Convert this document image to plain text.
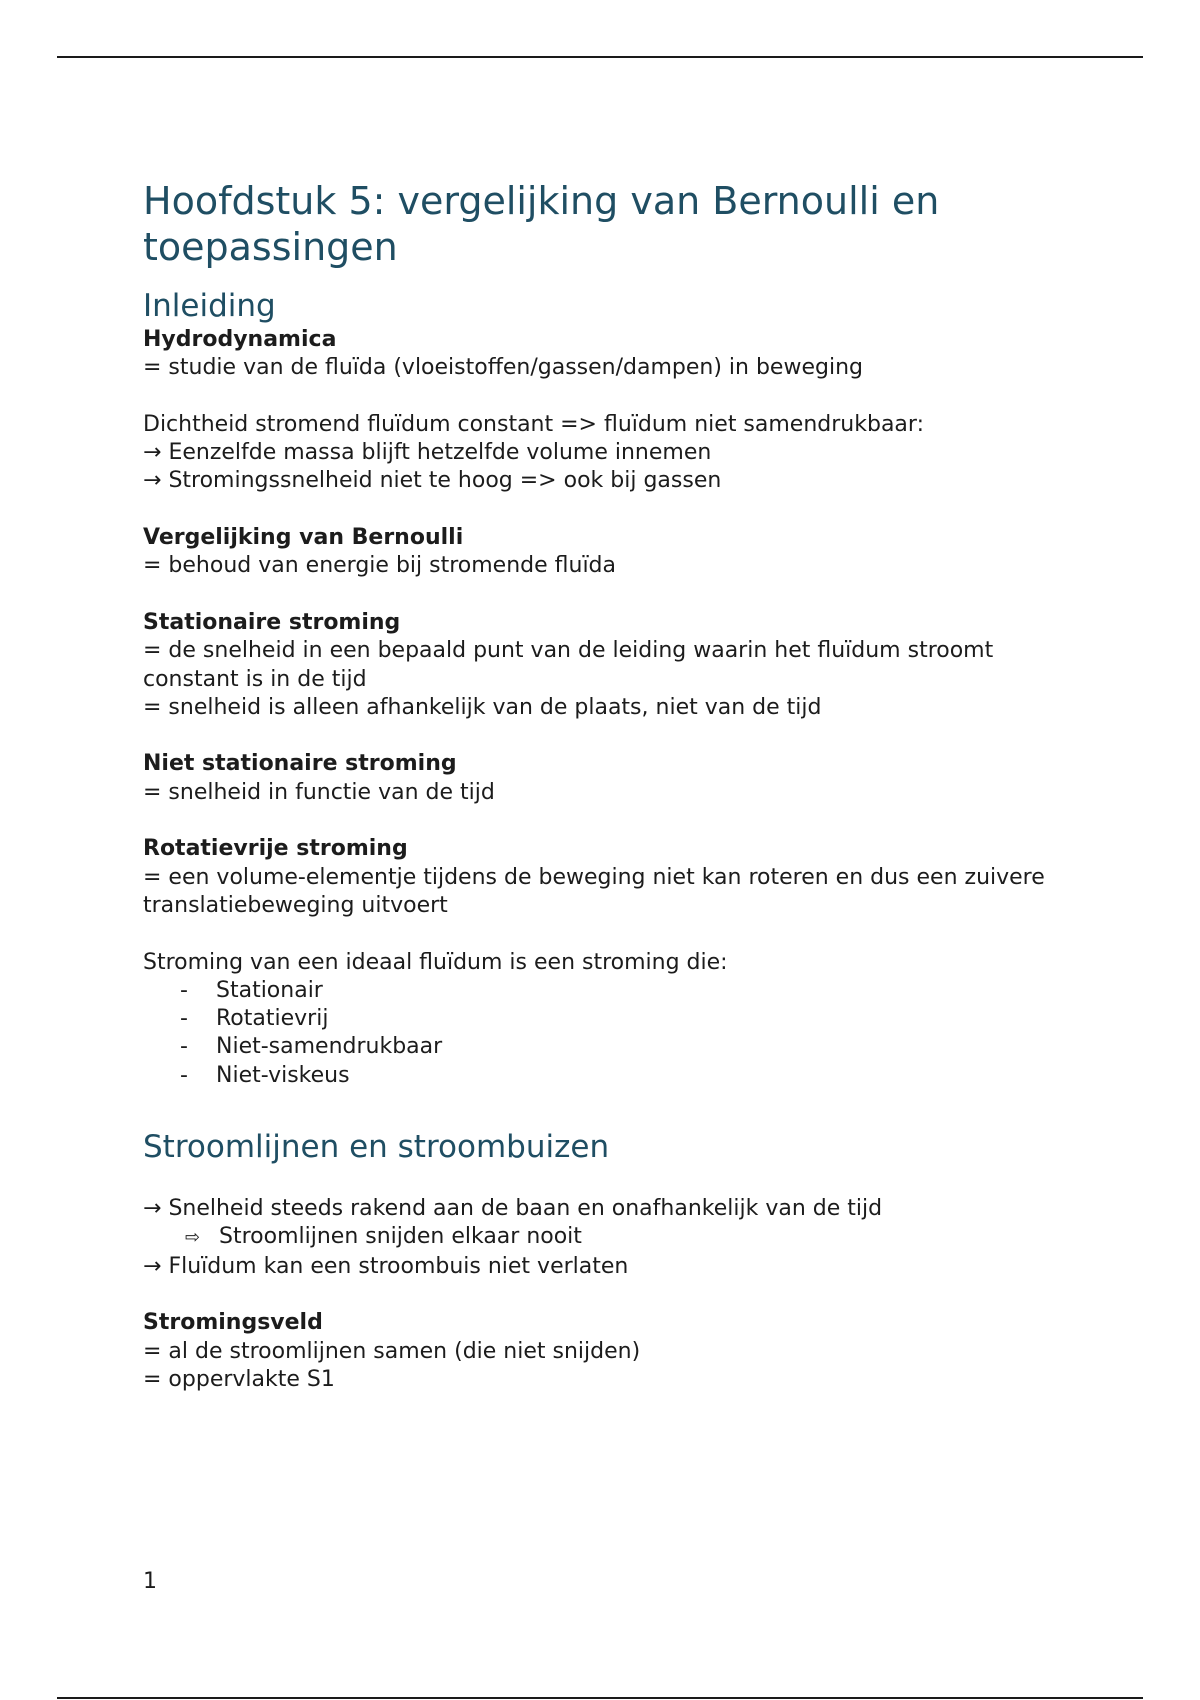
Hoofdstuk 5: vergelijking van Bernoulli en toepassingen
Inleiding

Hydrodynamica

= studie van de fluïda (vloeistoffen/gassen/dampen) in beweging

Dichtheid stromend fluïdum constant => fluïdum niet samendrukbaar:

→ Eenzelfde massa blijft hetzelfde volume innemen
→ Stromingssnelheid niet te hoog => ook bij gassen

Vergelijking van Bernoulli

= behoud van energie bij stromende fluïda

Stationaire stroming

= de snelheid in een bepaald punt van de leiding waarin het fluïdum stroomt constant is in de tijd

= snelheid is alleen afhankelijk van de plaats, niet van de tijd

Niet stationaire stroming

= snelheid in functie van de tijd

Rotatievrije stroming

= een volume-elementje tijdens de beweging niet kan roteren en dus een zuivere translatiebeweging uitvoert

Stroming van een ideaal fluïdum is een stroming die:

- Stationair
- Rotatievrij
- Niet-samendrukbaar
- Niet-viskeus
Stroomlijnen en stroombuizen
→ Snelheid steeds rakend aan de baan en onafhankelijk van de tijd
⇨ Stroomlijnen snijden elkaar nooit
→ Fluïdum kan een stroombuis niet verlaten

Stromingsveld

= al de stroomlijnen samen (die niet snijden)

= oppervlakte S1

1
